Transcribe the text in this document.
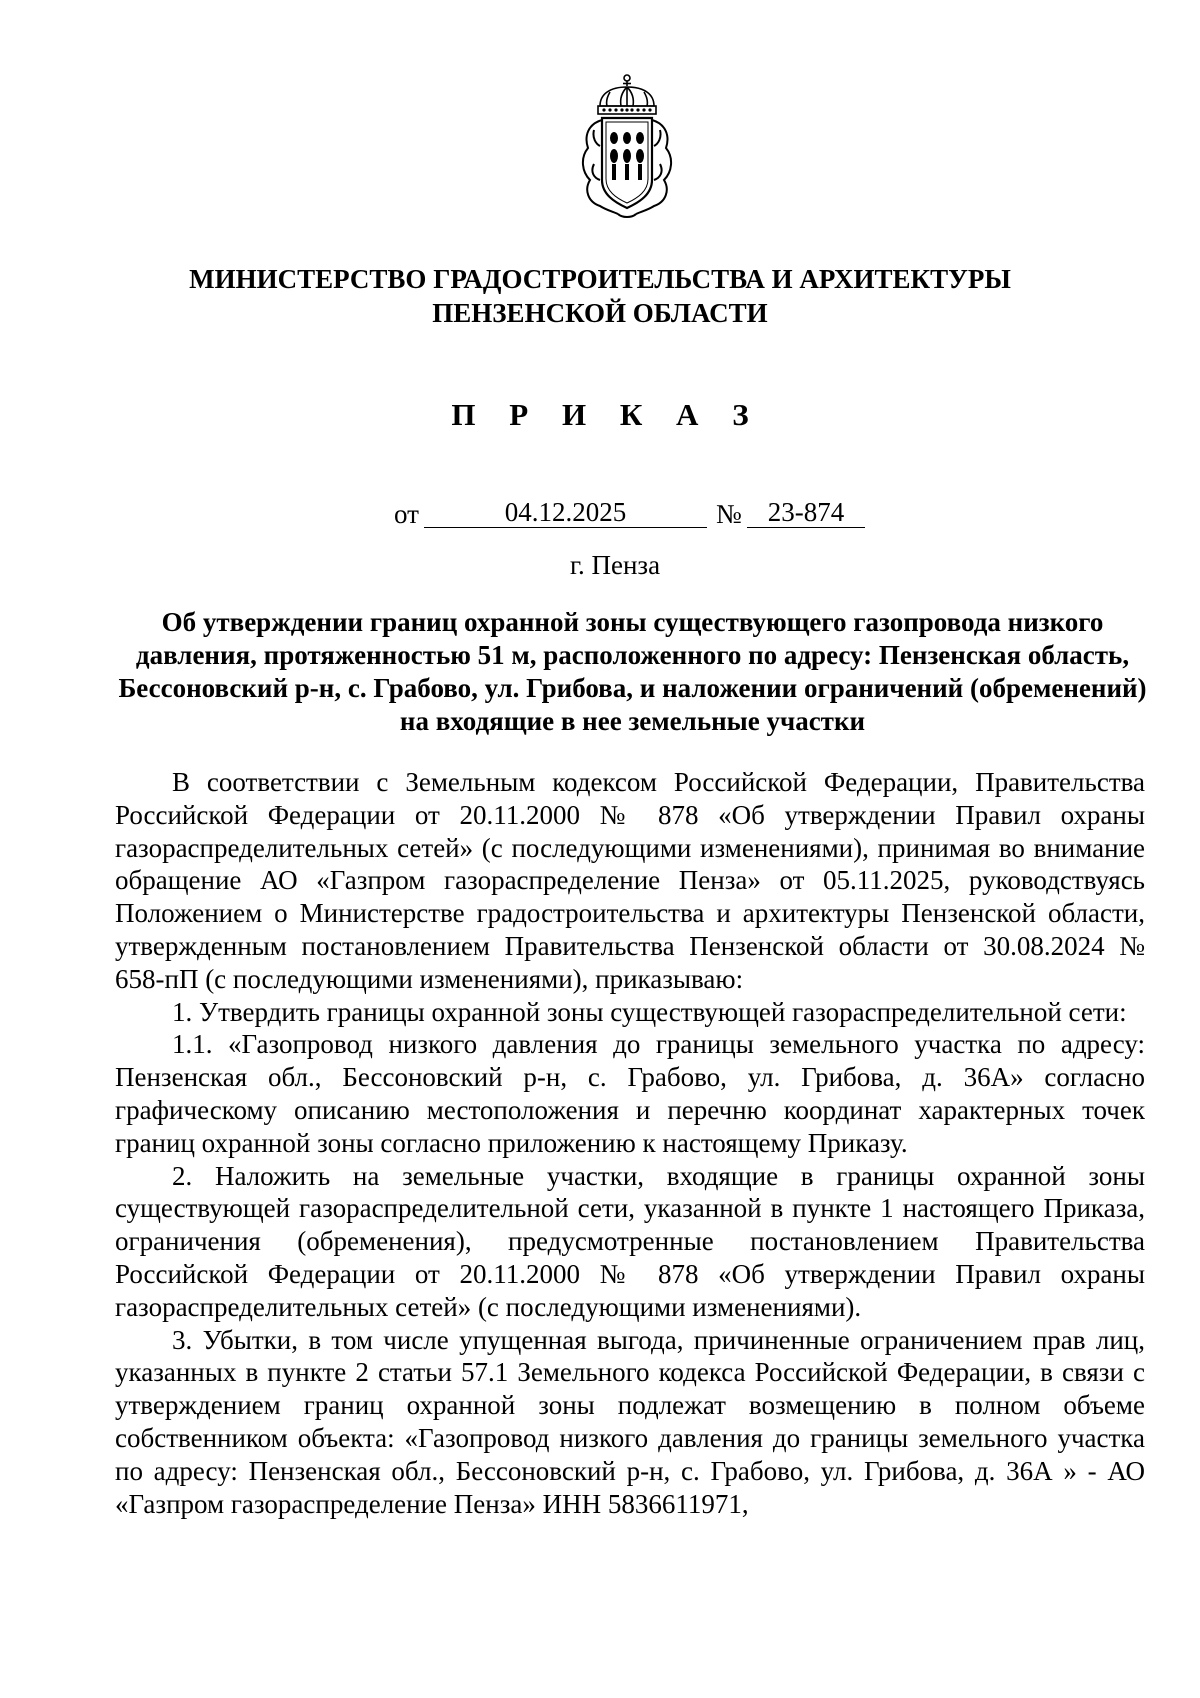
МИНИСТЕРСТВО ГРАДОСТРОИТЕЛЬСТВА И АРХИТЕКТУРЫ
ПЕНЗЕНСКОЙ ОБЛАСТИ
П Р И К А З
от	04.12.2025	№ 23-874
г. Пенза
Об утверждении границ охранной зоны существующего газопровода низкого давления, протяженностью 51 м, расположенного по адресу: Пензенская область, Бессоновский р-н, с. Грабово, ул. Грибова, и наложении ограничений (обременений) на входящие в нее земельные участки

В соответствии с Земельным кодексом Российской Федерации, Правительства Российской Федерации от 20.11.2000 № 878 «Об утверждении Правил охраны газораспределительных сетей» (с последующими изменениями), принимая во внимание обращение АО «Газпром газораспределение Пенза» от 05.11.2025, руководствуясь Положением о Министерстве градостроительства и архитектуры Пензенской области, утвержденным постановлением Правительства Пензенской области от 30.08.2024 № 658-пП (с последующими изменениями), приказываю:

1. Утвердить границы охранной зоны существующей газораспределительной сети:

1.1. «Газопровод низкого давления до границы земельного участка по адресу: Пензенская обл., Бессоновский р-н, с. Грабово, ул. Грибова, д. 36А» согласно графическому описанию местоположения и перечню координат характерных точек границ охранной зоны согласно приложению к настоящему Приказу.

2. Наложить на земельные участки, входящие в границы охранной зоны существующей газораспределительной сети, указанной в пункте 1 настоящего Приказа, ограничения (обременения), предусмотренные постановлением Правительства Российской Федерации от 20.11.2000 № 878 «Об утверждении Правил охраны газораспределительных сетей» (с последующими изменениями).

3. Убытки, в том числе упущенная выгода, причиненные ограничением прав лиц, указанных в пункте 2 статьи 57.1 Земельного кодекса Российской Федерации, в связи с утверждением границ охранной зоны подлежат возмещению в полном объеме собственником объекта: «Газопровод низкого давления до границы земельного участка по адресу: Пензенская обл., Бессоновский р-н, с. Грабово, ул. Грибова, д. 36А » - АО «Газпром газораспределение Пенза» ИНН 5836611971,
